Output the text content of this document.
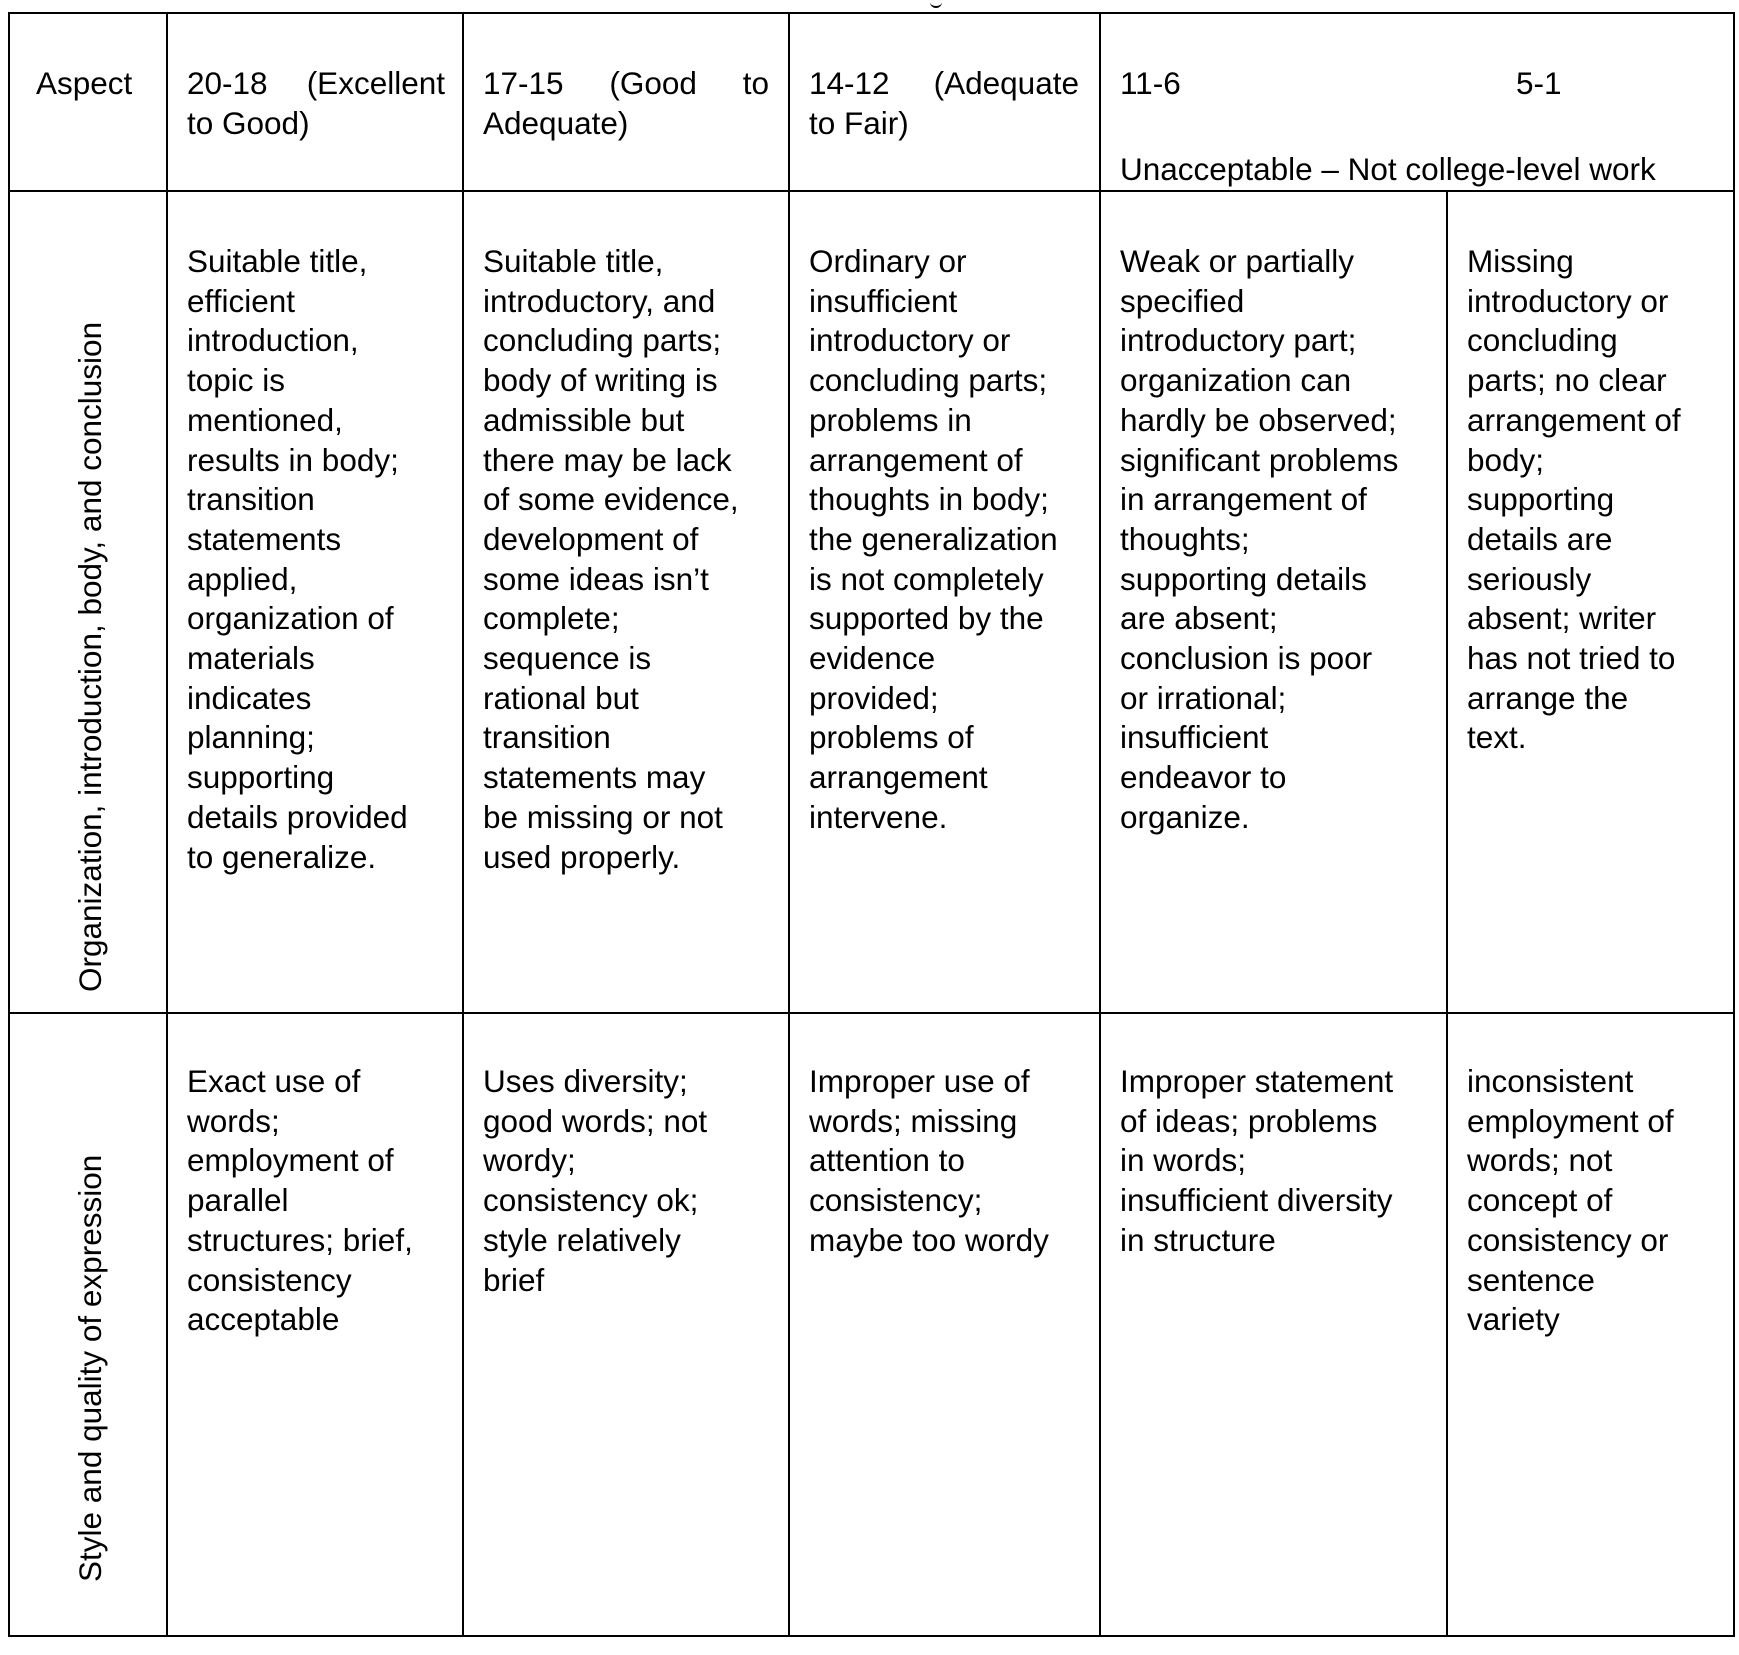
Aspect 20-18 (Excellent
to Good)
17-15 (Good to
Adequate)
14-12 (Adequate
to Fair)
11-6	5-1
Unacceptable – Not college-level work
Organization, introduction, body, and conclusion
Suitable title,
efficient
introduction,
topic is
mentioned,
results in body;
transition
statements
applied,
organization of
materials
indicates
planning;
supporting
details provided
to generalize.
Suitable title,
introductory, and
concluding parts;
body of writing is
admissible but
there may be lack
of some evidence,
development of
some ideas isn’t
complete;
sequence is
rational but
transition
statements may
be missing or not
used properly.
Ordinary or
insufficient
introductory or
concluding parts;
problems in
arrangement of
thoughts in body;
the generalization
is not completely
supported by the
evidence
provided;
problems of
arrangement
intervene.
Weak or partially
specified
introductory part;
organization can
hardly be observed;
significant problems
in arrangement of
thoughts;
supporting details
are absent;
conclusion is poor
or irrational;
insufficient
endeavor to
organize.
Missing
introductory or
concluding
parts; no clear
arrangement of
body;
supporting
details are
seriously
absent; writer
has not tried to
arrange the
text.
Style and quality of expression
Exact use of
words;
employment of
parallel
structures; brief,
consistency
acceptable
Uses diversity;
good words; not
wordy;
consistency ok;
style relatively
brief
Improper use of
words; missing
attention to
consistency;
maybe too wordy
Improper statement
of ideas; problems
in words;
insufficient diversity
in structure
inconsistent
employment of
words; not
concept of
consistency or
sentence
variety
